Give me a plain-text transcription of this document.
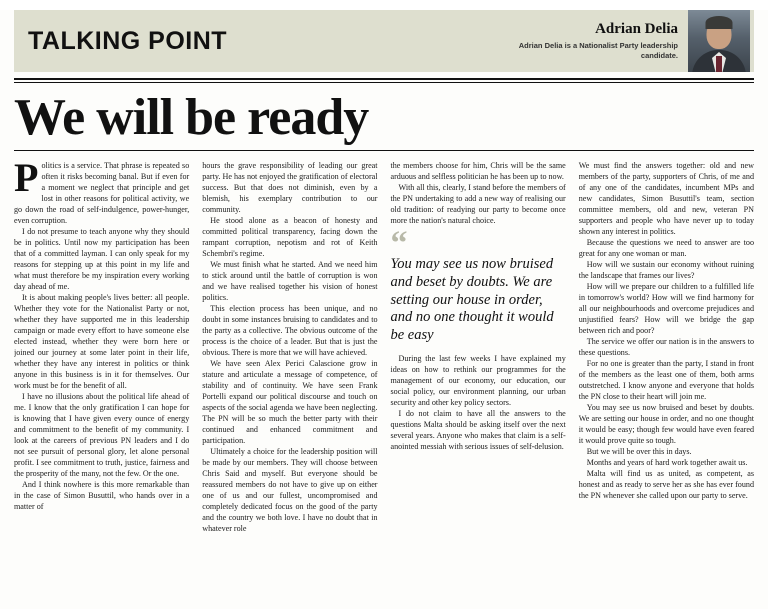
TALKING POINT	Adrian Delia
Adrian Delia is a Nationalist Party leadership candidate.
We will be ready

Politics is a service. That phrase is repeated so often it risks becoming banal. But if even for a moment we neglect that principle and get lost in other reasons for political activity, we go down the road of self-indulgence, power-hunger, even corruption.

I do not presume to teach anyone why they should be in politics. Until now my participation has been that of a committed layman. I can only speak for my reasons for stepping up at this point in my life and what must therefore be my inspiration every working day ahead of me.

It is about making people's lives better: all people. Whether they vote for the Nationalist Party or not, whether they have supported me in this leadership campaign or made every effort to have someone else elected instead, whether they were born here or joined our journey at some later point in their life, whether they have any interest in politics or think anyone in this business is in it for themselves. Our work must be for the benefit of all.

I have no illusions about the political life ahead of me. I know that the only gratification I can hope for is knowing that I have given every ounce of energy and commitment to the benefit of my community. I look at the careers of previous PN leaders and I do not see pursuit of personal glory, let alone personal profit. I see commitment to truth, justice, fairness and the prosperity of the many, not the few. Or the one.

And I think nowhere is this more remarkable than in the case of Simon Busuttil, who hands over in a matter of

hours the grave responsibility of leading our great party. He has not enjoyed the gratification of electoral success. But that does not diminish, even by a blemish, his exemplary contribution to our community.

He stood alone as a beacon of honesty and committed political transparency, facing down the rampant corruption, nepotism and rot of Keith Schembri's regime.

We must finish what he started. And we need him to stick around until the battle of corruption is won and we have realised together his vision of honest politics.

This election process has been unique, and no doubt in some instances bruising to candidates and to the party as a collective. The obvious outcome of the process is the choice of a leader. But that is just the obvious. There is more that we will have achieved.

We have seen Alex Perici Calascione grow in stature and articulate a message of competence, of stability and of continuity. We have seen Frank Portelli expand our political discourse and touch on aspects of the social agenda we have been neglecting. The PN will be so much the better party with their continued and enhanced commitment and participation.

Ultimately a choice for the leadership position will be made by our members. They will choose between Chris Said and myself. But everyone should be reassured members do not have to give up on either one of us and our fullest, uncompromised and completely dedicated focus on the good of the party and the country we both love. I have no doubt that in whatever role

the members choose for him, Chris will be the same arduous and selfless politician he has been up to now.

With all this, clearly, I stand before the members of the PN undertaking to add a new way of realising our old tradition: of readying our party to become once more the nation's natural choice.

“
You may see us now bruised and beset by doubts. We are setting our house in order, and no one thought it would be easy

During the last few weeks I have explained my ideas on how to rethink our programmes for the management of our economy, our education, our social policy, our environment planning, our urban security and other key policy sectors.

I do not claim to have all the answers to the questions Malta should be asking itself over the next several years. Anyone who makes that claim is a self-anointed messiah with serious issues of self-delusion.

We must find the answers together: old and new members of the party, supporters of Chris, of me and of any one of the candidates, incumbent MPs and new candidates, Simon Busuttil's team, section committee members, old and new, veteran PN supporters and people who have never up to today shown any interest in politics.

Because the questions we need to answer are too great for any one woman or man.

How will we sustain our economy without ruining the landscape that frames our lives?

How will we prepare our children to a fulfilled life in tomorrow's world? How will we find harmony for all our neighbourhoods and overcome prejudices and unjustified fears? How will we bridge the gap between rich and poor?

The service we offer our nation is in the answers to these questions.

For no one is greater than the party, I stand in front of the members as the least one of them, both arms outstretched. I know anyone and everyone that holds the PN close to their heart will join me.

You may see us now bruised and beset by doubts. We are setting our house in order, and no one thought it would be easy; though few would have even feared it would prove quite so tough.

But we will be over this in days.

Months and years of hard work together await us.

Malta will find us as united, as competent, as honest and as ready to serve her as she has ever found the PN whenever she called upon our party to serve.
